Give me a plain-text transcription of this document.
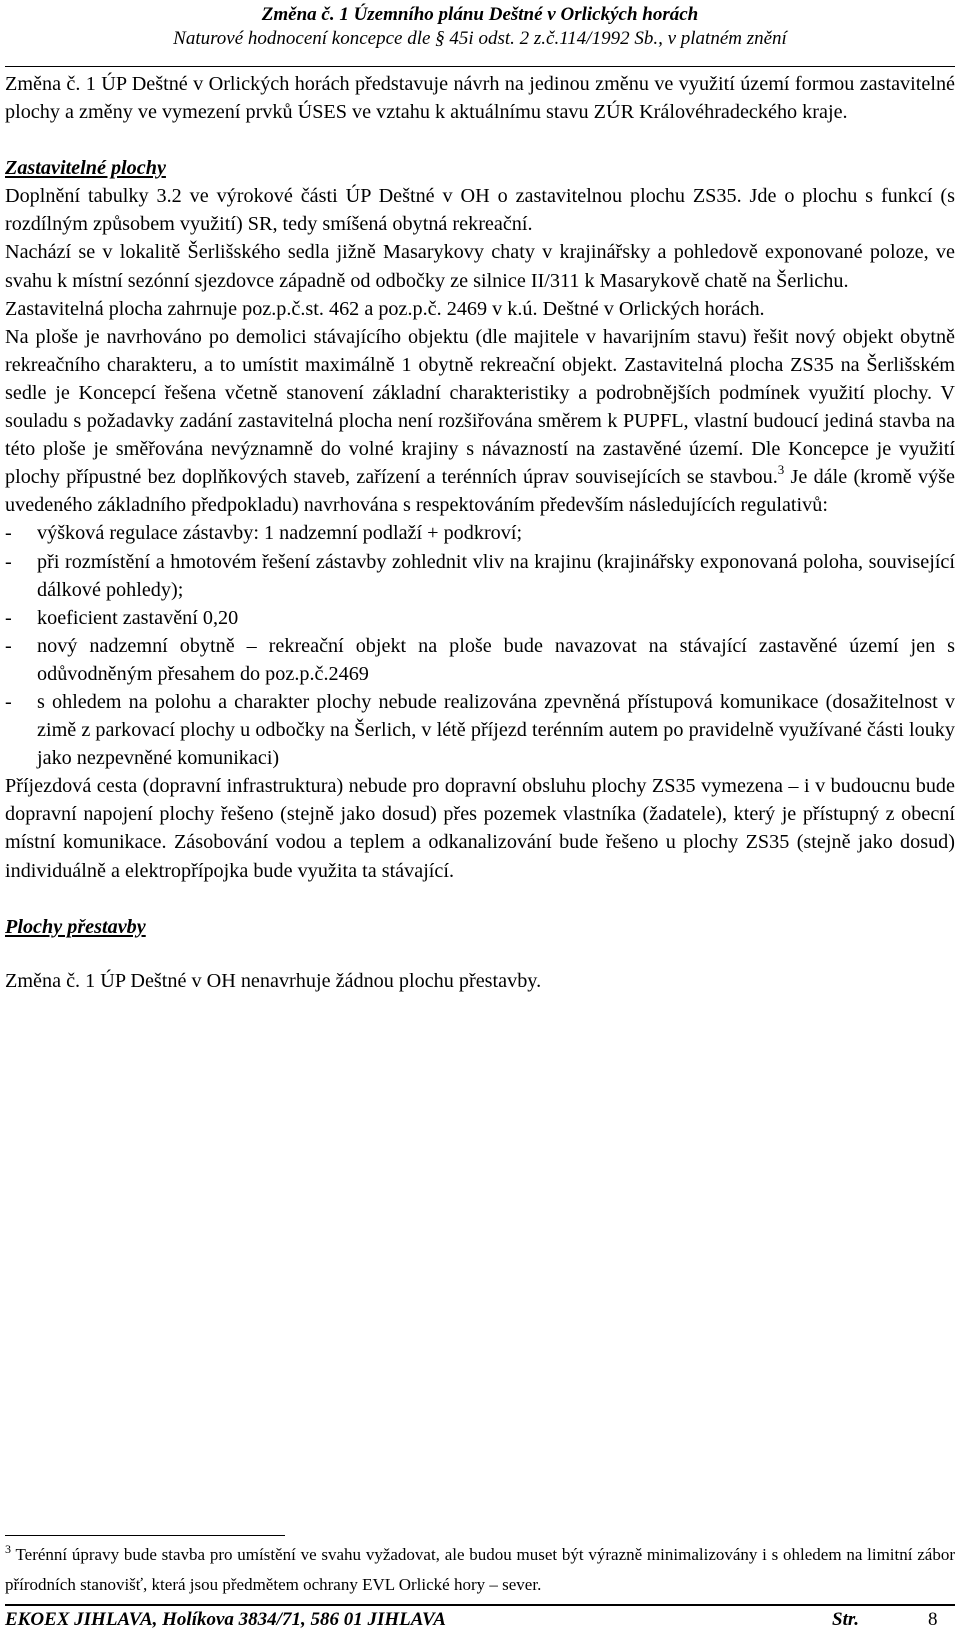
Změna č. 1 Územního plánu Deštné v Orlických horách
Naturové hodnocení koncepce dle § 45i odst. 2 z.č.114/1992 Sb., v platném znění

Změna č. 1 ÚP Deštné v Orlických horách představuje návrh na jedinou změnu ve využití území formou zastavitelné plochy a změny ve vymezení prvků ÚSES ve vztahu k aktuálnímu stavu ZÚR Královéhradeckého kraje.

Zastavitelné plochy

Doplnění tabulky 3.2 ve výrokové části ÚP Deštné v OH o zastavitelnou plochu ZS35. Jde o plochu s funkcí (s rozdílným způsobem využití) SR, tedy smíšená obytná rekreační.

Nachází se v lokalitě Šerlišského sedla jižně Masarykovy chaty v krajinářsky a pohledově exponované poloze, ve svahu k místní sezónní sjezdovce západně od odbočky ze silnice II/311 k Masarykově chatě na Šerlichu.

Zastavitelná plocha zahrnuje poz.p.č.st. 462 a poz.p.č. 2469 v k.ú. Deštné v Orlických horách.

Na ploše je navrhováno po demolici stávajícího objektu (dle majitele v havarijním stavu) řešit nový objekt obytně rekreačního charakteru, a to umístit maximálně 1 obytně rekreační objekt. Zastavitelná plocha ZS35 na Šerlišském sedle je Koncepcí řešena včetně stanovení základní charakteristiky a podrobnějších podmínek využití plochy. V souladu s požadavky zadání zastavitelná plocha není rozšiřována směrem k PUPFL, vlastní budoucí jediná stavba na této ploše je směřována nevýznamně do volné krajiny s návazností na zastavěné území. Dle Koncepce je využití plochy přípustné bez doplňkových staveb, zařízení a terénních úprav souvisejících se stavbou.$^3$ Je dále (kromě výše uvedeného základního předpokladu) navrhována s respektováním především následujících regulativů:

- výšková regulace zástavby: 1 nadzemní podlaží + podkroví;
- při rozmístění a hmotovém řešení zástavby zohlednit vliv na krajinu (krajinářsky exponovaná poloha, související dálkové pohledy);
- koeficient zastavění 0,20
- nový nadzemní obytně – rekreační objekt na ploše bude navazovat na stávající zastavěné území jen s odůvodněným přesahem do poz.p.č.2469
- s ohledem na polohu a charakter plochy nebude realizována zpevněná přístupová komunikace (dosažitelnost v zimě z parkovací plochy u odbočky na Šerlich, v létě příjezd terénním autem po pravidelně využívané části louky jako nezpevněné komunikaci)

Příjezdová cesta (dopravní infrastruktura) nebude pro dopravní obsluhu plochy ZS35 vymezena – i v budoucnu bude dopravní napojení plochy řešeno (stejně jako dosud) přes pozemek vlastníka (žadatele), který je přístupný z obecní místní komunikace. Zásobování vodou a teplem a odkanalizování bude řešeno u plochy ZS35 (stejně jako dosud) individuálně a elektropřípojka bude využita ta stávající.

Plochy přestavby

Změna č. 1 ÚP Deštné v OH nenavrhuje žádnou plochu přestavby.

$^3$ Terénní úpravy bude stavba pro umístění ve svahu vyžadovat, ale budou muset být výrazně minimalizovány i s ohledem na limitní zábor přírodních stanovišť, která jsou předmětem ochrany EVL Orlické hory – sever.
EKOEX JIHLAVA, Holíkova 3834/71, 586 01 JIHLAVA	Str.	8
